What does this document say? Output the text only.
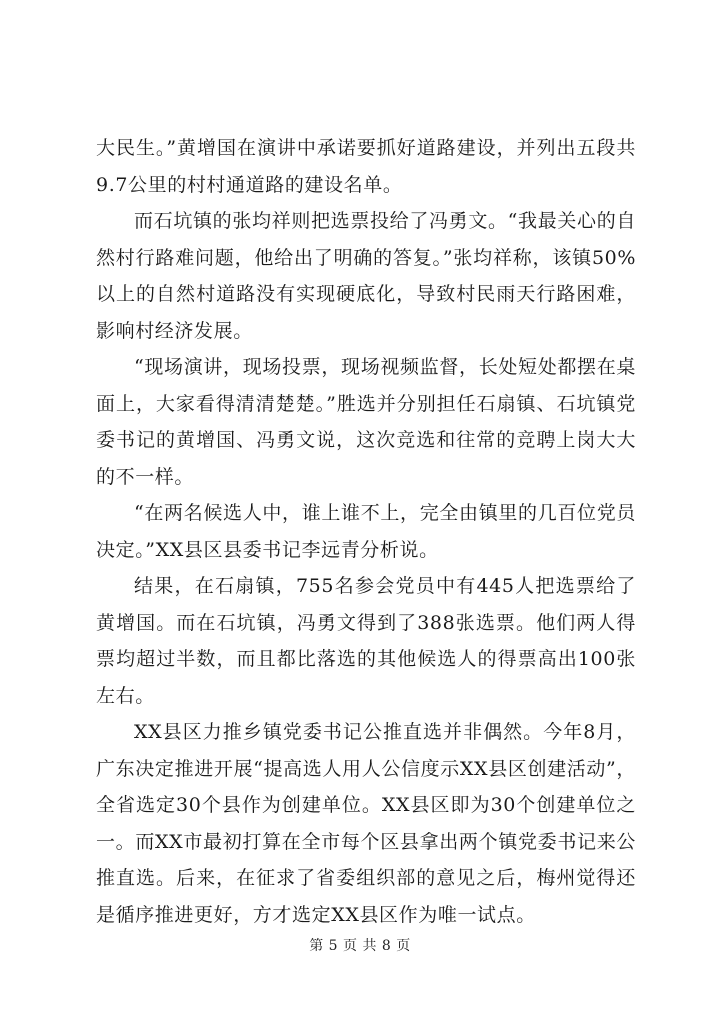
大民生。”黄增国在演讲中承诺要抓好道路建设，并列出五段共9.7公里的村村通道路的建设名单。

而石坑镇的张均祥则把选票投给了冯勇文。“我最关心的自然村行路难问题，他给出了明确的答复。”张均祥称，该镇50%以上的自然村道路没有实现硬底化，导致村民雨天行路困难，影响村经济发展。

“现场演讲，现场投票，现场视频监督，长处短处都摆在桌面上，大家看得清清楚楚。”胜选并分别担任石扇镇、石坑镇党委书记的黄增国、冯勇文说，这次竞选和往常的竞聘上岗大大的不一样。

“在两名候选人中，谁上谁不上，完全由镇里的几百位党员决定。”XX县区县委书记李远青分析说。

结果，在石扇镇，755名参会党员中有445人把选票给了黄增国。而在石坑镇，冯勇文得到了388张选票。他们两人得票均超过半数，而且都比落选的其他候选人的得票高出100张左右。

XX县区力推乡镇党委书记公推直选并非偶然。今年8月，广东决定推进开展“提高选人用人公信度示XX县区创建活动”，全省选定30个县作为创建单位。XX县区即为30个创建单位之一。而XX市最初打算在全市每个区县拿出两个镇党委书记来公推直选。后来，在征求了省委组织部的意见之后，梅州觉得还是循序推进更好，方才选定XX县区作为唯一试点。

第 5 页 共 8 页
